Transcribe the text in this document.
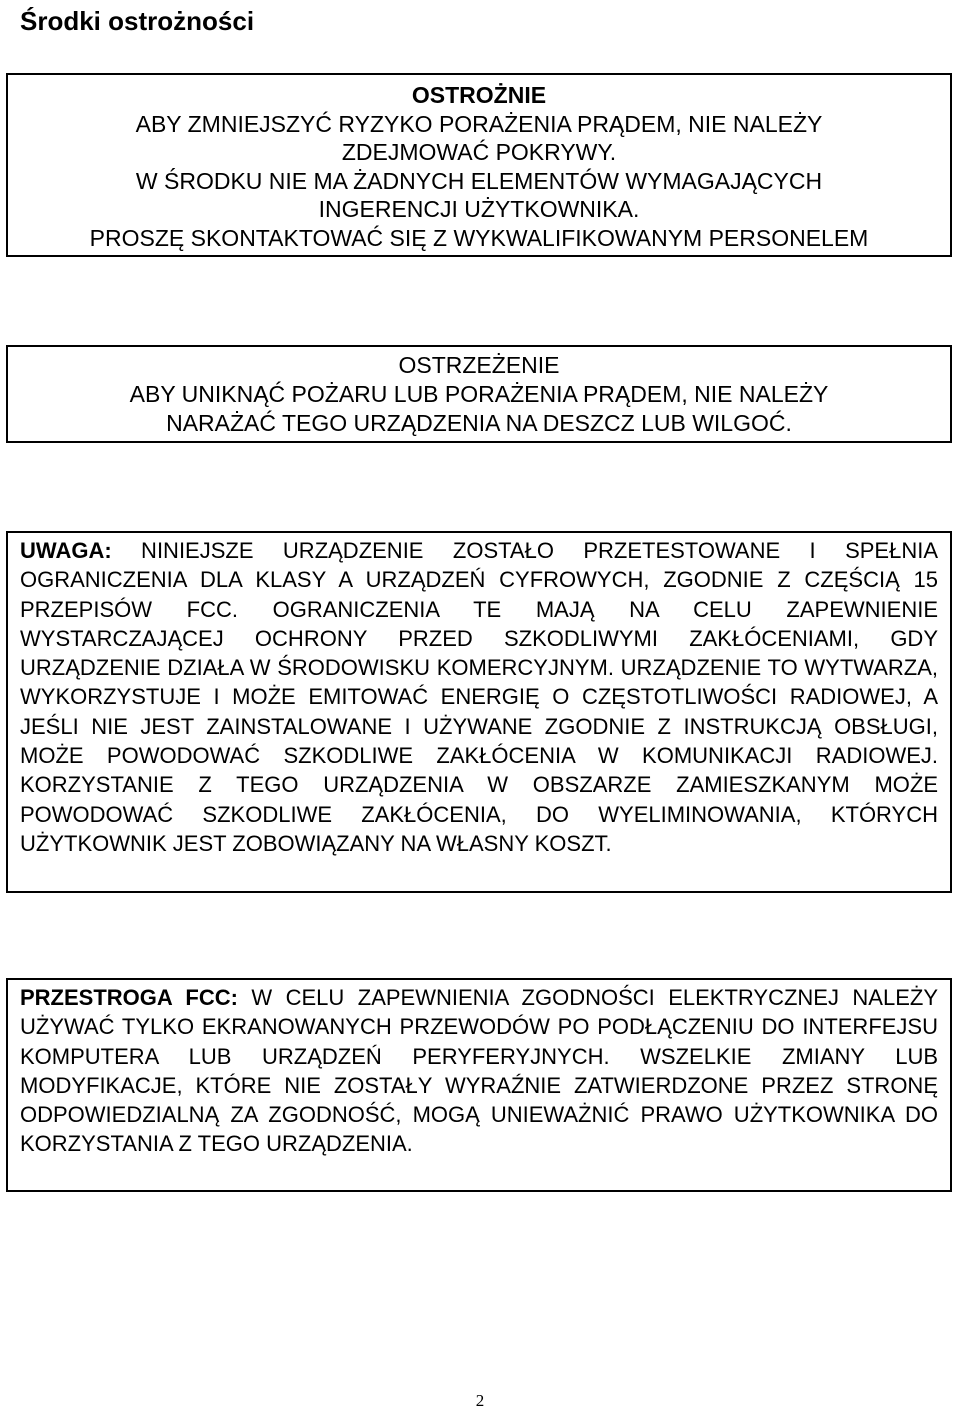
Środki ostrożności
OSTROŻNIE
ABY ZMNIEJSZYĆ RYZYKO PORAŻENIA PRĄDEM, NIE NALEŻY
ZDEJMOWAĆ POKRYWY.
W ŚRODKU NIE MA ŻADNYCH ELEMENTÓW WYMAGAJĄCYCH
INGERENCJI UŻYTKOWNIKA.
PROSZĘ SKONTAKTOWAĆ SIĘ Z WYKWALIFIKOWANYM PERSONELEM
OSTRZEŻENIE
ABY UNIKNĄĆ POŻARU LUB PORAŻENIA PRĄDEM, NIE NALEŻY
NARAŻAĆ TEGO URZĄDZENIA NA DESZCZ LUB WILGOĆ.
UWAGA: NINIEJSZE URZĄDZENIE ZOSTAŁO PRZETESTOWANE I SPEŁNIA OGRANICZENIA DLA KLASY A URZĄDZEŃ CYFROWYCH, ZGODNIE Z CZĘŚCIĄ 15 PRZEPISÓW FCC. OGRANICZENIA TE MAJĄ NA CELU ZAPEWNIENIE WYSTARCZAJĄCEJ OCHRONY PRZED SZKODLIWYMI ZAKŁÓCENIAMI, GDY URZĄDZENIE DZIAŁA W ŚRODOWISKU KOMERCYJNYM. URZĄDZENIE TO WYTWARZA, WYKORZYSTUJE I MOŻE EMITOWAĆ ENERGIĘ O CZĘSTOTLIWOŚCI RADIOWEJ, A JEŚLI NIE JEST ZAINSTALOWANE I UŻYWANE ZGODNIE Z INSTRUKCJĄ OBSŁUGI, MOŻE POWODOWAĆ SZKODLIWE ZAKŁÓCENIA W KOMUNIKACJI RADIOWEJ. KORZYSTANIE Z TEGO URZĄDZENIA W OBSZARZE ZAMIESZKANYM MOŻE POWODOWAĆ SZKODLIWE ZAKŁÓCENIA, DO WYELIMINOWANIA, KTÓRYCH UŻYTKOWNIK JEST ZOBOWIĄZANY NA WŁASNY KOSZT.
PRZESTROGA FCC: W CELU ZAPEWNIENIA ZGODNOŚCI ELEKTRYCZNEJ NALEŻY UŻYWAĆ TYLKO EKRANOWANYCH PRZEWODÓW PO PODŁĄCZENIU DO INTERFEJSU KOMPUTERA LUB URZĄDZEŃ PERYFERYJNYCH. WSZELKIE ZMIANY LUB MODYFIKACJE, KTÓRE NIE ZOSTAŁY WYRAŹNIE ZATWIERDZONE PRZEZ STRONĘ ODPOWIEDZIALNĄ ZA ZGODNOŚĆ, MOGĄ UNIEWAŻNIĆ PRAWO UŻYTKOWNIKA DO KORZYSTANIA Z TEGO URZĄDZENIA.
2
